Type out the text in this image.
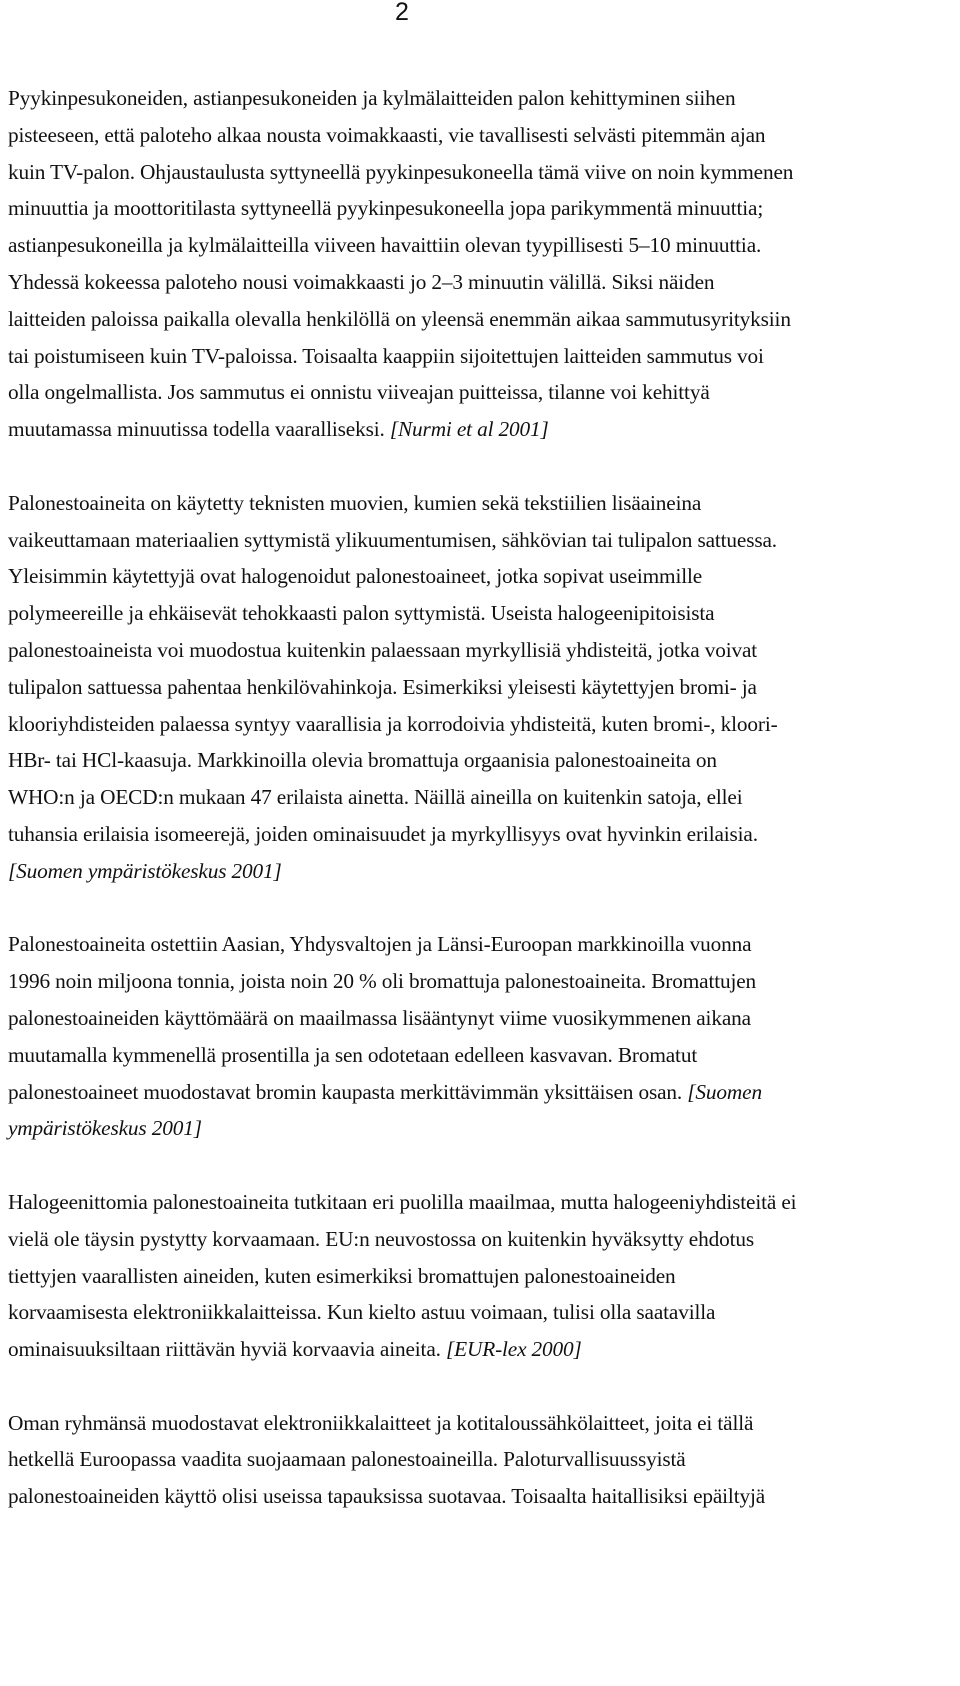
2

Pyykinpesukoneiden, astianpesukoneiden ja kylmälaitteiden palon kehittyminen siihen
pisteeseen, että paloteho alkaa nousta voimakkaasti, vie tavallisesti selvästi pitemmän ajan
kuin TV-palon. Ohjaustaulusta syttyneellä pyykinpesukoneella tämä viive on noin kymmenen
minuuttia ja moottoritilasta syttyneellä pyykinpesukoneella jopa parikymmentä minuuttia;
astianpesukoneilla ja kylmälaitteilla viiveen havaittiin olevan tyypillisesti 5–10 minuuttia.
Yhdessä kokeessa paloteho nousi voimakkaasti jo 2–3 minuutin välillä. Siksi näiden
laitteiden paloissa paikalla olevalla henkilöllä on yleensä enemmän aikaa sammutusyrityksiin
tai poistumiseen kuin TV-paloissa. Toisaalta kaappiin sijoitettujen laitteiden sammutus voi
olla ongelmallista. Jos sammutus ei onnistu viiveajan puitteissa, tilanne voi kehittyä
muutamassa minuutissa todella vaaralliseksi. [Nurmi et al 2001]

Palonestoaineita on käytetty teknisten muovien, kumien sekä tekstiilien lisäaineina
vaikeuttamaan materiaalien syttymistä ylikuumentumisen, sähkövian tai tulipalon sattuessa.
Yleisimmin käytettyjä ovat halogenoidut palonestoaineet, jotka sopivat useimmille
polymeereille ja ehkäisevät tehokkaasti palon syttymistä. Useista halogeenipitoisista
palonestoaineista voi muodostua kuitenkin palaessaan myrkyllisiä yhdisteitä, jotka voivat
tulipalon sattuessa pahentaa henkilövahinkoja. Esimerkiksi yleisesti käytettyjen bromi- ja
klooriyhdisteiden palaessa syntyy vaarallisia ja korrodoivia yhdisteitä, kuten bromi-, kloori-
HBr- tai HCl-kaasuja. Markkinoilla olevia bromattuja orgaanisia palonestoaineita on
WHO:n ja OECD:n mukaan 47 erilaista ainetta. Näillä aineilla on kuitenkin satoja, ellei
tuhansia erilaisia isomeerejä, joiden ominaisuudet ja myrkyllisyys ovat hyvinkin erilaisia.
[Suomen ympäristökeskus 2001]

Palonestoaineita ostettiin Aasian, Yhdysvaltojen ja Länsi-Euroopan markkinoilla vuonna
1996 noin miljoona tonnia, joista noin 20 % oli bromattuja palonestoaineita. Bromattujen
palonestoaineiden käyttömäärä on maailmassa lisääntynyt viime vuosikymmenen aikana
muutamalla kymmenellä prosentilla ja sen odotetaan edelleen kasvavan. Bromatut
palonestoaineet muodostavat bromin kaupasta merkittävimmän yksittäisen osan. [Suomen
ympäristökeskus 2001]

Halogeenittomia palonestoaineita tutkitaan eri puolilla maailmaa, mutta halogeeniyhdisteitä ei
vielä ole täysin pystytty korvaamaan. EU:n neuvostossa on kuitenkin hyväksytty ehdotus
tiettyjen vaarallisten aineiden, kuten esimerkiksi bromattujen palonestoaineiden
korvaamisesta elektroniikkalaitteissa. Kun kielto astuu voimaan, tulisi olla saatavilla
ominaisuuksiltaan riittävän hyviä korvaavia aineita. [EUR-lex 2000]

Oman ryhmänsä muodostavat elektroniikkalaitteet ja kotitaloussähkölaitteet, joita ei tällä
hetkellä Euroopassa vaadita suojaamaan palonestoaineilla. Paloturvallisuussyistä
palonestoaineiden käyttö olisi useissa tapauksissa suotavaa. Toisaalta haitallisiksi epäiltyjä
